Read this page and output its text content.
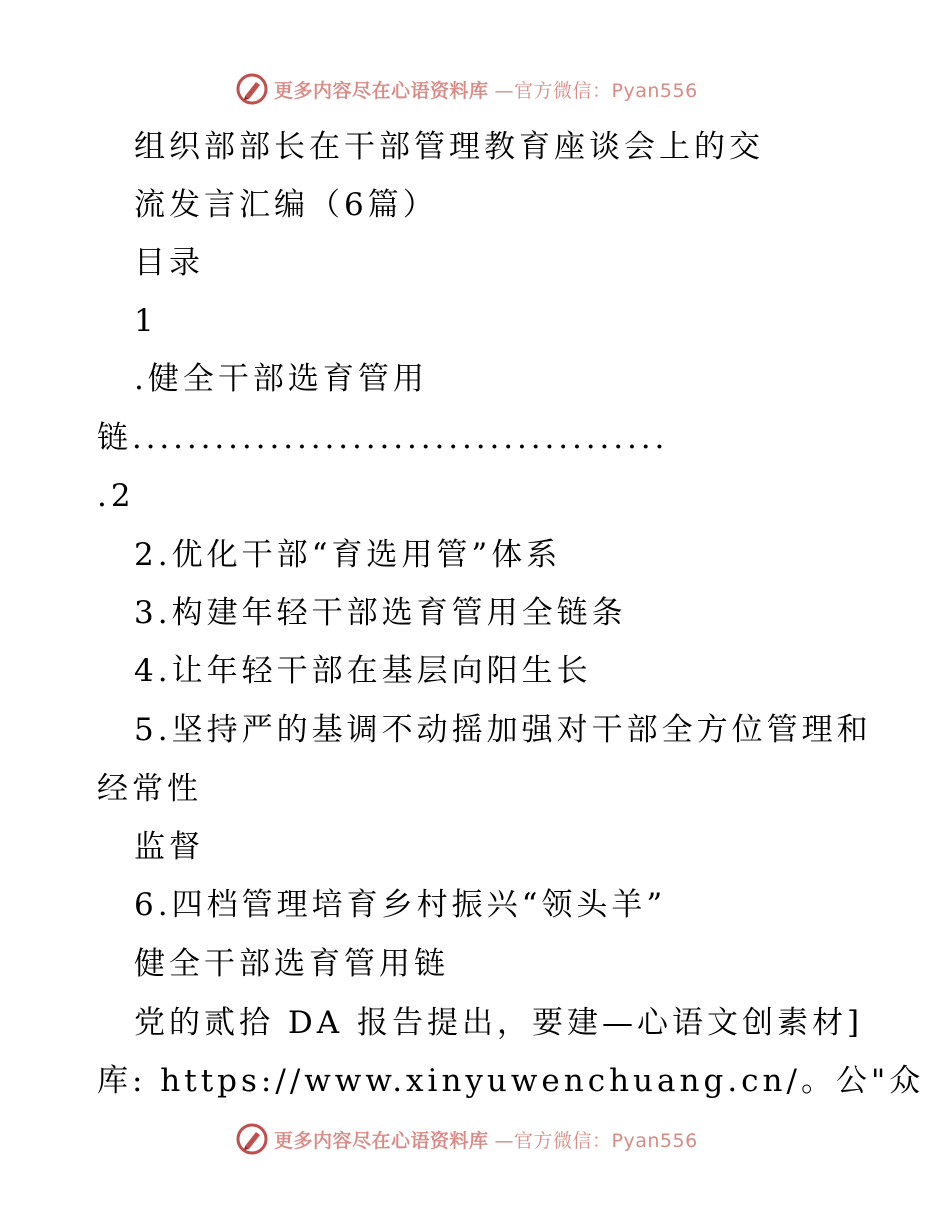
更多内容尽在心语资料库 —官方微信：Pyan556
组织部部长在干部管理教育座谈会上的交
流发言汇编（6篇）
目录
1
.健全干部选育管用
链.......................................
.2
2.优化干部“育选用管”体系
3.构建年轻干部选育管用全链条
4.让年轻干部在基层向阳生长
5.坚持严的基调不动摇加强对干部全方位管理和
经常性
监督
6.四档管理培育乡村振兴“领头羊”
健全干部选育管用链
党的贰拾 DA 报告提出，要建—心语文创素材]
库: https://www.xinyuwenchuang.cn/。公"众
更多内容尽在心语资料库 —官方微信：Pyan556
